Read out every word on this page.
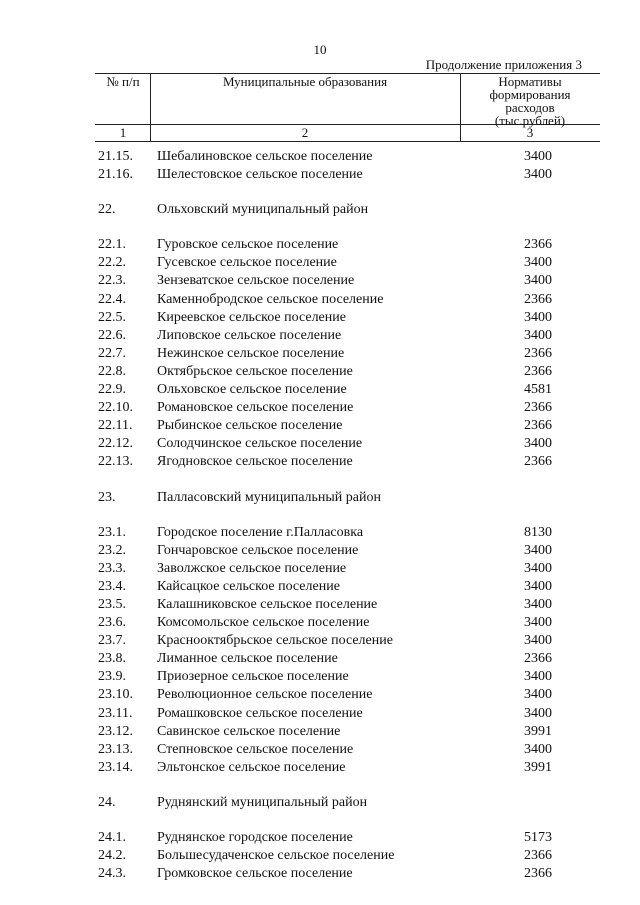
10
Продолжение приложения 3
№ п/п	Муниципальные образования	Нормативы
формирования
расходов
(тыс.рублей)
1	2	3
21.15. Шебалиновское сельское поселение	3400
21.16. Шелестовское сельское поселение	3400
22.	Ольховский муниципальный район
22.1. Гуровское сельское поселение	2366
22.2. Гусевское сельское поселение	3400
22.3. Зензеватское сельское поселение	3400
22.4. Каменнобродское сельское поселение	2366
22.5. Киреевское сельское поселение	3400
22.6. Липовское сельское поселение	3400
22.7. Нежинское сельское поселение	2366
22.8. Октябрьское сельское поселение	2366
22.9. Ольховское сельское поселение	4581
22.10. Романовское сельское поселение	2366
22.11. Рыбинское сельское поселение	2366
22.12. Солодчинское сельское поселение	3400
22.13. Ягодновское сельское поселение	2366
23.	Палласовский муниципальный район
23.1. Городское поселение г.Палласовка	8130
23.2. Гончаровское сельское поселение	3400
23.3. Заволжское сельское поселение	3400
23.4. Кайсацкое сельское поселение	3400
23.5. Калашниковское сельское поселение	3400
23.6. Комсомольское сельское поселение	3400
23.7. Краснооктябрьское сельское поселение	3400
23.8. Лиманное сельское поселение	2366
23.9. Приозерное сельское поселение	3400
23.10. Революционное сельское поселение	3400
23.11. Ромашковское сельское поселение	3400
23.12. Савинское сельское поселение	3991
23.13. Степновское сельское поселение	3400
23.14. Эльтонское сельское поселение	3991
24.	Руднянский муниципальный район
24.1. Руднянское городское поселение	5173
24.2. Большесудаченское сельское поселение	2366
24.3. Громковское сельское поселение	2366
